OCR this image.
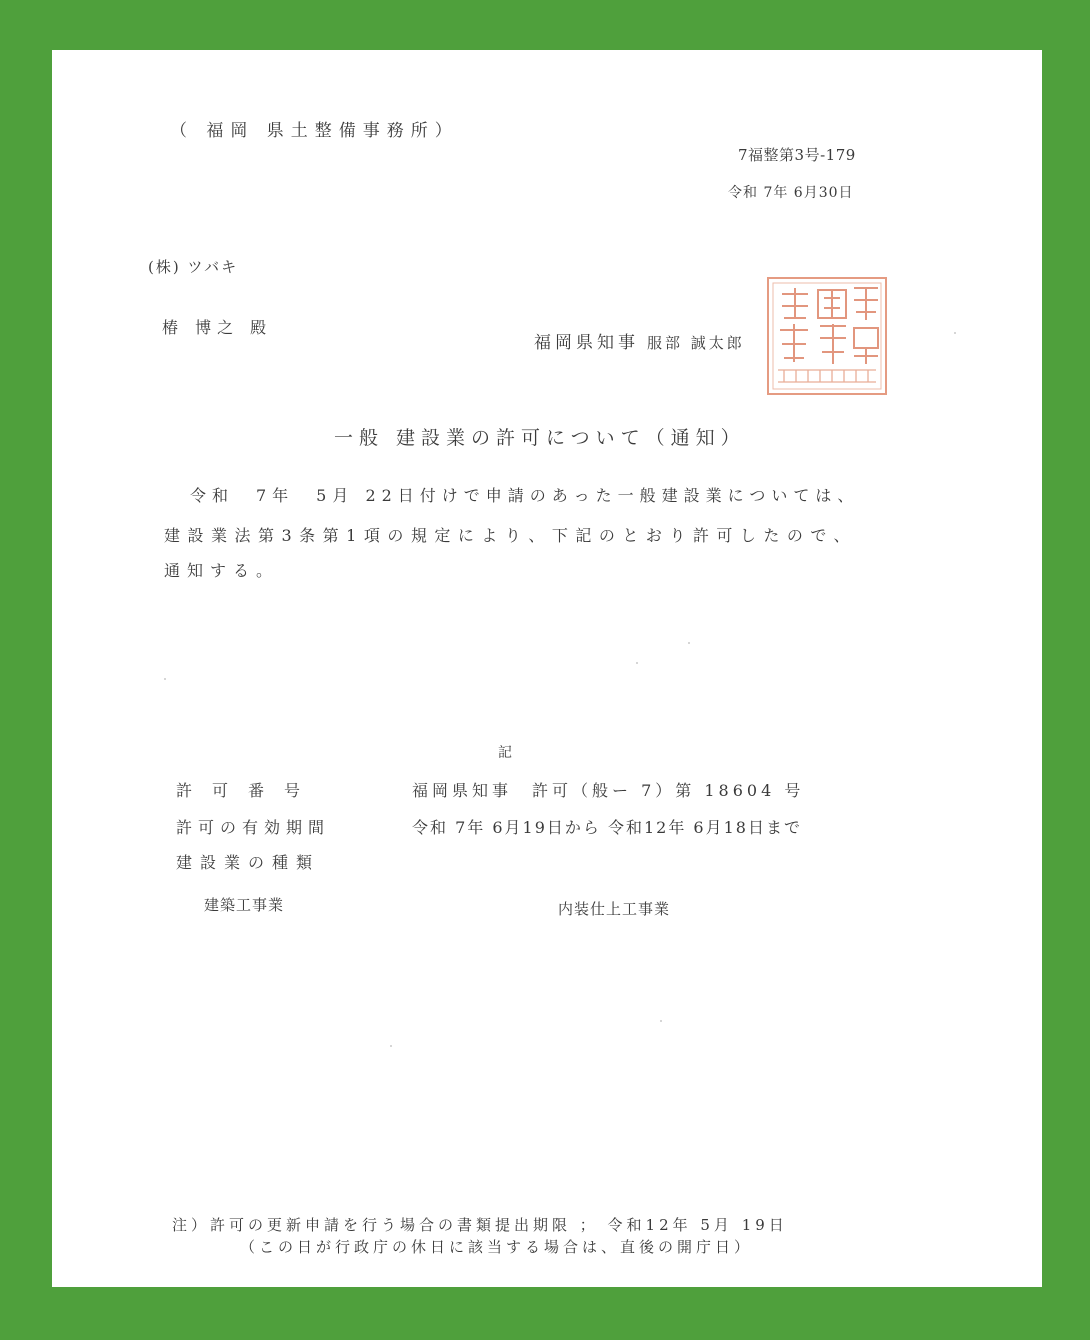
（ 福岡 県土整備事務所）
7福整第3号-179
令和 7年 6月30日
(株) ツバキ
椿 博之 殿
福岡県知事 服部 誠太郎
福岡県知事印
一般 建設業の許可について（通知）
令和　7年　5月 22日付けで申請のあった一般建設業については、
建設業法第3条第1項の規定により、下記のとおり許可したので、
通知する。
記
許可番号	福岡県知事　許可（般ー 7）第 18604 号
許可の有効期間	令和 7年 6月19日から 令和12年 6月18日まで
建設業の種類
建築工事業	内装仕上工事業
注）許可の更新申請を行う場合の書類提出期限 ； 令和12年 5月 19日
（この日が行政庁の休日に該当する場合は、直後の開庁日）
